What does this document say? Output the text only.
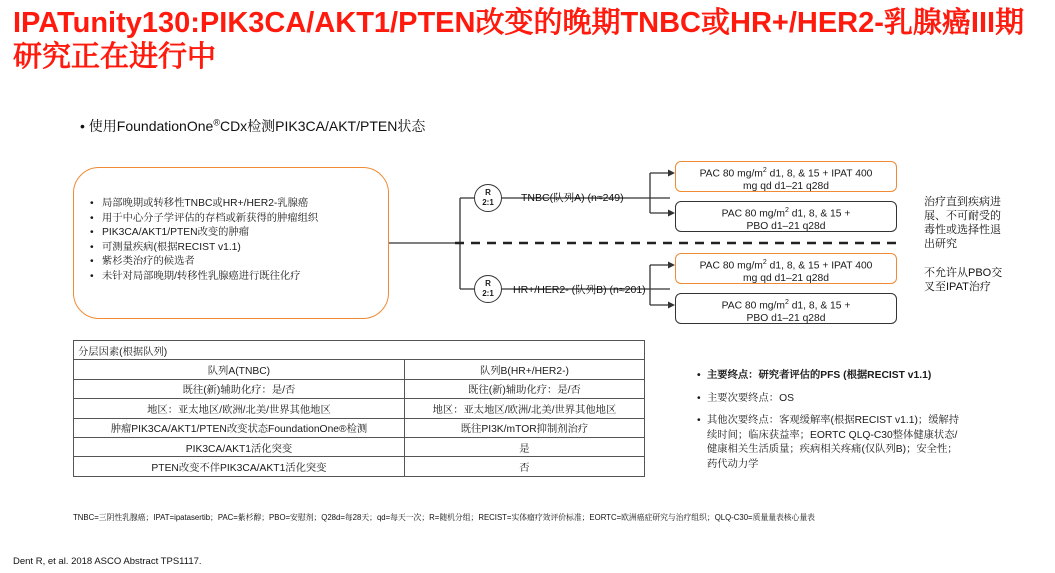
IPATunity130:PIK3CA/AKT1/PTEN改变的晚期TNBC或HR+/HER2-乳腺癌III期研究正在进行中
• 使用FoundationOne®CDx检测PIK3CA/AKT/PTEN状态
• 局部晚期或转移性TNBC或HR+/HER2-乳腺癌
• 用于中心分子学评估的存档或新获得的肿瘤组织
• PIK3CA/AKT1/PTEN改变的肿瘤
• 可测量疾病(根据RECIST v1.1)
• 紫杉类治疗的候选者
• 未针对局部晚期/转移性乳腺癌进行既往化疗
R
2:1
R
2:1
TNBC(队列A) (n≈249)
HR+/HER2- (队列B) (n≈201)
PAC 80 $mg/m^2$ d1, 8, & 15 + IPAT 400
mg qd d1–21 q28d
PAC 80 $mg/m^2$ d1, 8, & 15 +
PBO d1–21 q28d
PAC 80 $mg/m^2$ d1, 8, & 15 + IPAT 400
mg qd d1–21 q28d
PAC 80 $mg/m^2$ d1, 8, & 15 +
PBO d1–21 q28d
治疗直到疾病进
展、不可耐受的
毒性或选择性退
出研究
不允许从PBO交
叉至IPAT治疗
分层因素(根据队列)	
队列A(TNBC)	队列B(HR+/HER2-)
既往(新)辅助化疗：是/否	既往(新)辅助化疗：是/否
地区：亚太地区/欧洲/北美/世界其他地区	地区：亚太地区/欧洲/北美/世界其他地区
肿瘤PIK3CA/AKT1/PTEN改变状态FoundationOne®检测	既往PI3K/mTOR抑制剂治疗
PIK3CA/AKT1活化突变	是
PTEN改变不伴PIK3CA/AKT1活化突变	否
• 主要终点：研究者评估的PFS (根据RECIST v1.1)
• 主要次要终点：OS
• 其他次要终点：客观缓解率(根据RECIST v1.1)；缓解持续时间；临床获益率；EORTC QLQ-C30整体健康状态/健康相关生活质量；疾病相关疼痛(仅队列B)；安全性；药代动力学
TNBC=三阴性乳腺癌；IPAT=ipatasertib；PAC=紫杉醇；PBO=安慰剂；Q28d=每28天；qd=每天一次；R=随机分组；RECIST=实体瘤疗效评价标准；EORTC=欧洲癌症研究与治疗组织；QLQ-C30=质量量表核心量表
Dent R, et al. 2018 ASCO Abstract TPS1117.
